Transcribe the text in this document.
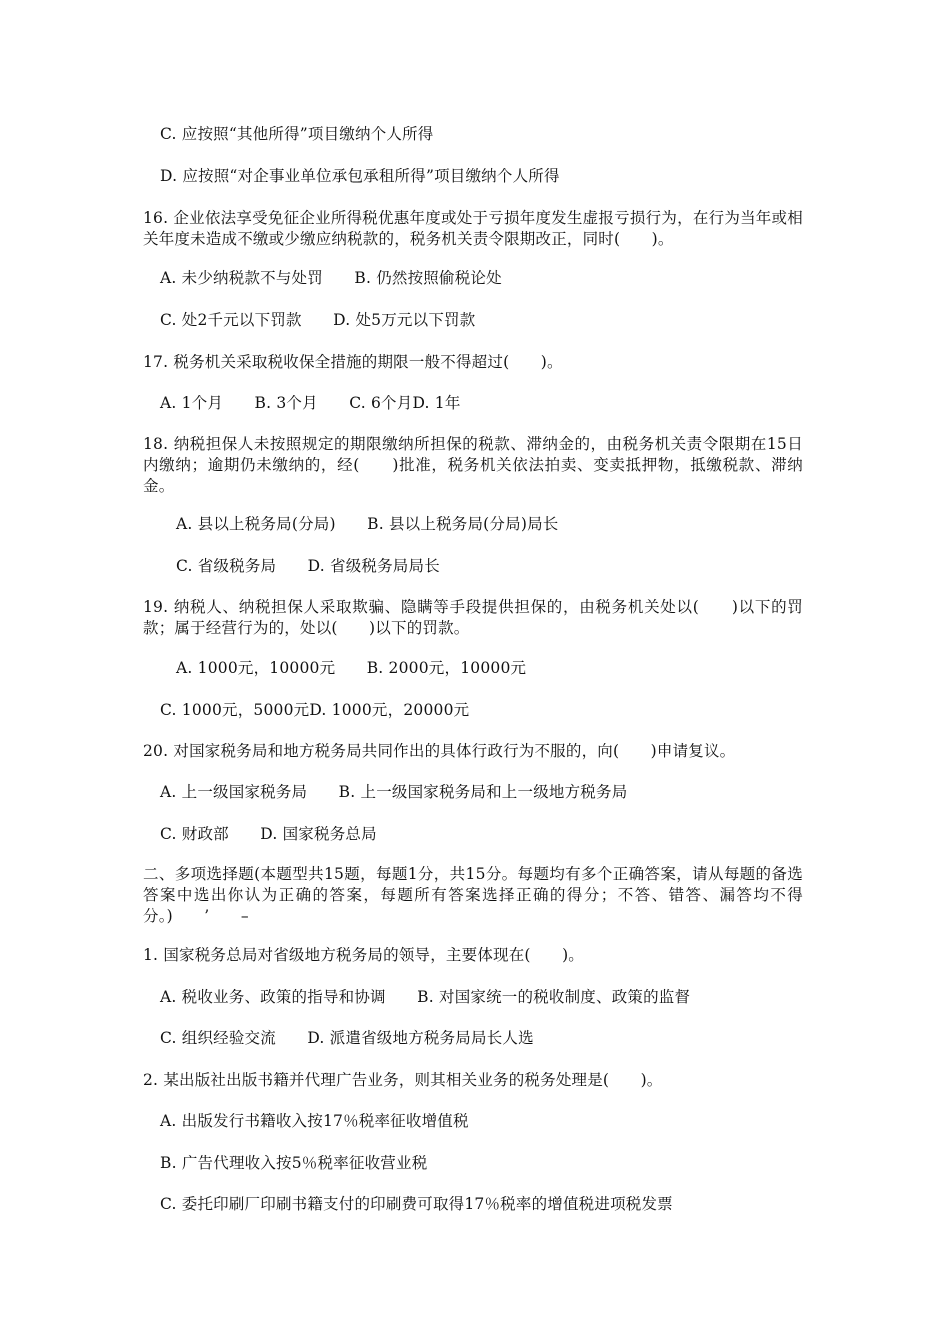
C. 应按照“其他所得”项目缴纳个人所得
D. 应按照“对企事业单位承包承租所得”项目缴纳个人所得
16. 企业依法享受免征企业所得税优惠年度或处于亏损年度发生虚报亏损行为，在行为当年或相关年度未造成不缴或少缴应纳税款的，税务机关责令限期改正，同时(　　)。
A. 未少纳税款不与处罚　　B. 仍然按照偷税论处
C. 处2千元以下罚款　　D. 处5万元以下罚款
17. 税务机关采取税收保全措施的期限一般不得超过(　　)。
A. 1个月　　B. 3个月　　C. 6个月D. 1年
18. 纳税担保人未按照规定的期限缴纳所担保的税款、滞纳金的，由税务机关责令限期在15日内缴纳；逾期仍未缴纳的，经(　　)批准，税务机关依法拍卖、变卖抵押物，抵缴税款、滞纳金。
A. 县以上税务局(分局)　　B. 县以上税务局(分局)局长
C. 省级税务局　　D. 省级税务局局长
19. 纳税人、纳税担保人采取欺骗、隐瞒等手段提供担保的，由税务机关处以(　　)以下的罚款；属于经营行为的，处以(　　)以下的罚款。
A. 1000元，10000元　　B. 2000元，10000元
C. 1000元，5000元D. 1000元，20000元
20. 对国家税务局和地方税务局共同作出的具体行政行为不服的，向(　　)申请复议。
A. 上一级国家税务局　　B. 上一级国家税务局和上一级地方税务局
C. 财政部　　D. 国家税务总局
二、多项选择题(本题型共15题，每题1分，共15分。每题均有多个正确答案，请从每题的备选答案中选出你认为正确的答案，每题所有答案选择正确的得分；不答、错答、漏答均不得分。)　　’　　–
1. 国家税务总局对省级地方税务局的领导，主要体现在(　　)。
A. 税收业务、政策的指导和协调　　B. 对国家统一的税收制度、政策的监督
C. 组织经验交流　　D. 派遣省级地方税务局局长人选
2. 某出版社出版书籍并代理广告业务，则其相关业务的税务处理是(　　)。
A. 出版发行书籍收入按17％税率征收增值税
B. 广告代理收入按5％税率征收营业税
C. 委托印刷厂印刷书籍支付的印刷费可取得17％税率的增值税进项税发票
